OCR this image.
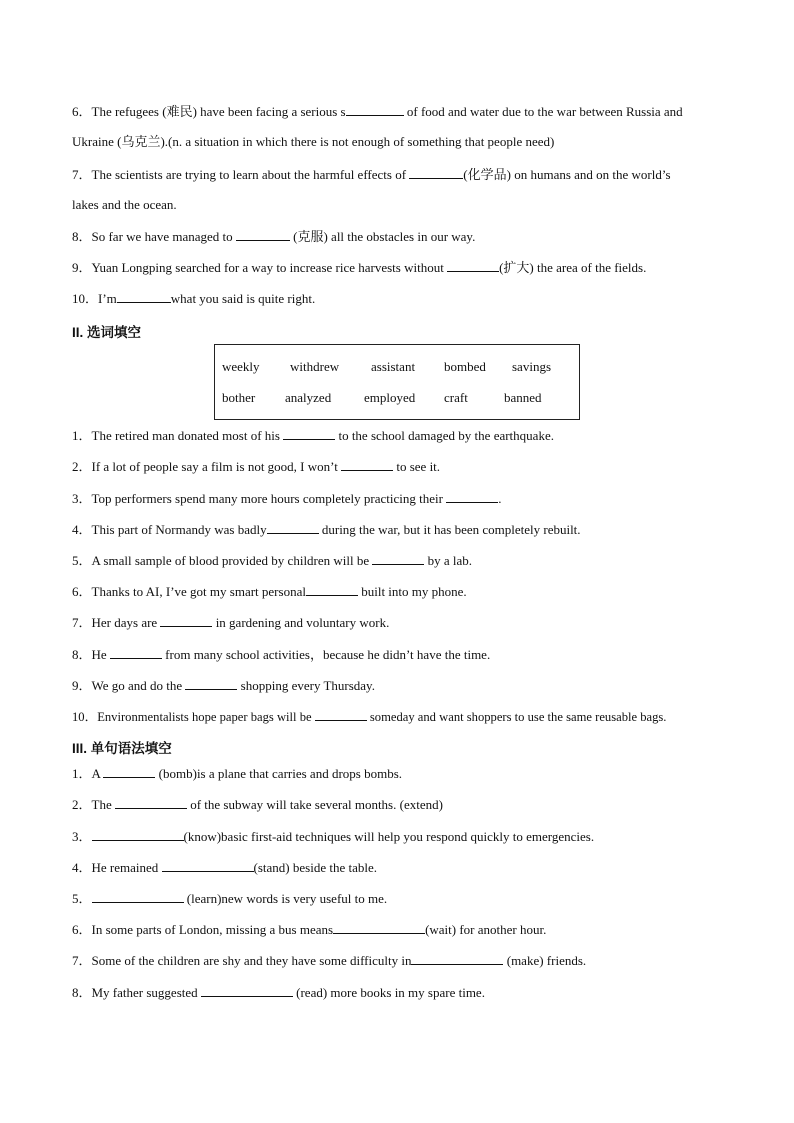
6．The refugees (难民) have been facing a serious s	of food and water due to the war between Russia and
Ukraine (乌克兰).(n. a situation in which there is not enough of something that people need)
7．The scientists are trying to learn about the harmful effects of	(化学品) on humans and on the world’s
lakes and the ocean.
8．So far we have managed to	(克服) all the obstacles in our way.
9．Yuan Longping searched for a way to increase rice harvests without	(扩大) the area of the fields.
10．I’m	what you said is quite right.
II. 选词填空
weekly withdrew assistant bombed savings
bother analyzed	employed craft	banned
1．The retired man donated most of his	to the school damaged by the earthquake.
2．If a lot of people say a film is not good, I won’t	to see it.
3．Top performers spend many more hours completely practicing their	.
4．This part of Normandy was badly	during the war, but it has been completely rebuilt.
5．A small sample of blood provided by children will be	by a lab.
6．Thanks to AI, I’ve got my smart personal	built into my phone.
7．Her days are	in gardening and voluntary work.
8．He	from many school activities，because he didn’t have the time.
9．We go and do the	shopping every Thursday.
10．Environmentalists hope paper bags will be	someday and want shoppers to use the same reusable bags.
III. 单句语法填空
1．A	(bomb)is a plane that carries and drops bombs.
2．The	of the subway will take several months. (extend)
3．	(know)basic first-aid techniques will help you respond quickly to emergencies.
4．He remained	(stand) beside the table.
5．	(learn)new words is very useful to me.
6．In some parts of London, missing a bus means	(wait) for another hour.
7．Some of the children are shy and they have some difficulty in	(make) friends.
8．My father suggested	(read) more books in my spare time.
